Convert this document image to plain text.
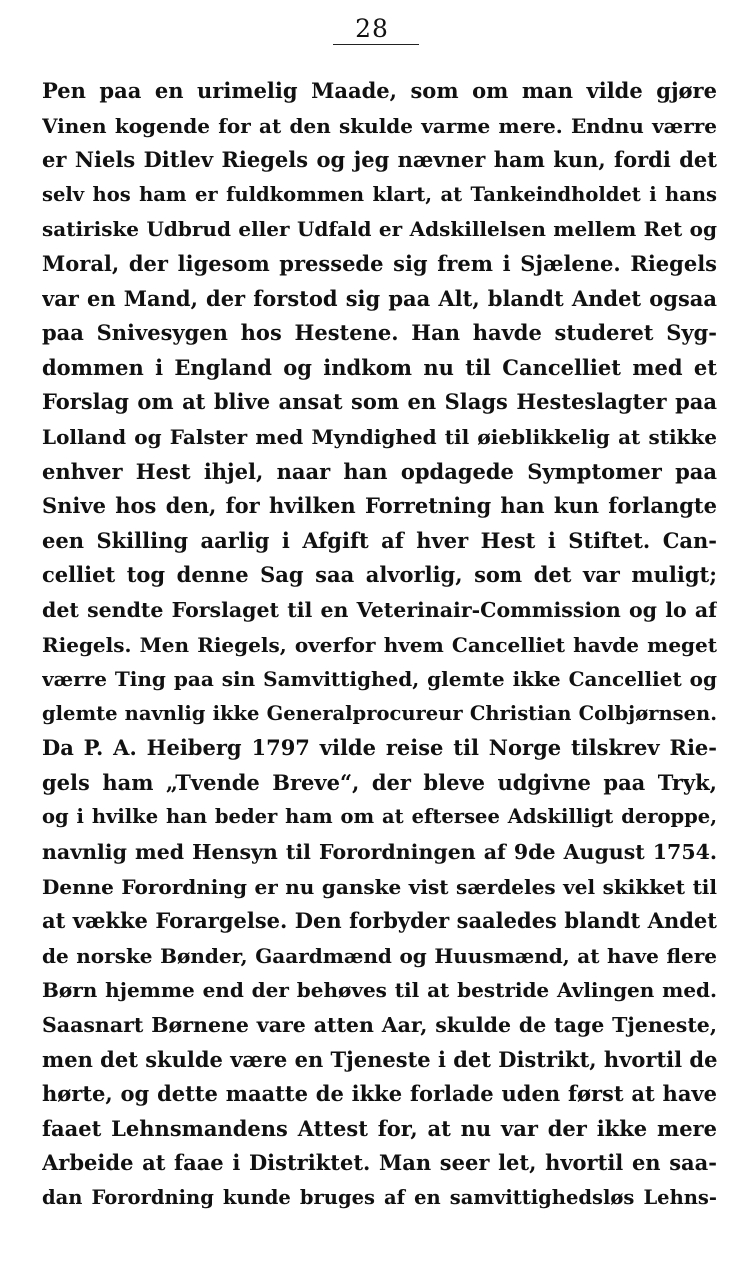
28
Pen paa en urimelig Maade, som om man vilde gjøre
Vinen kogende for at den skulde varme mere. Endnu værre
er Niels Ditlev Riegels og jeg nævner ham kun, fordi det
selv hos ham er fuldkommen klart, at Tankeindholdet i hans
satiriske Udbrud eller Udfald er Adskillelsen mellem Ret og
Moral, der ligesom pressede sig frem i Sjælene. Riegels
var en Mand, der forstod sig paa Alt, blandt Andet ogsaa
paa Snivesygen hos Hestene. Han havde studeret Syg-
dommen i England og indkom nu til Cancelliet med et
Forslag om at blive ansat som en Slags Hesteslagter paa
Lolland og Falster med Myndighed til øieblikkelig at stikke
enhver Hest ihjel, naar han opdagede Symptomer paa
Snive hos den, for hvilken Forretning han kun forlangte
een Skilling aarlig i Afgift af hver Hest i Stiftet. Can-
celliet tog denne Sag saa alvorlig, som det var muligt;
det sendte Forslaget til en Veterinair-Commission og lo af
Riegels. Men Riegels, overfor hvem Cancelliet havde meget
værre Ting paa sin Samvittighed, glemte ikke Cancelliet og
glemte navnlig ikke Generalprocureur Christian Colbjørnsen.
Da P. A. Heiberg 1797 vilde reise til Norge tilskrev Rie-
gels ham „Tvende Breve“, der bleve udgivne paa Tryk,
og i hvilke han beder ham om at eftersee Adskilligt deroppe,
navnlig med Hensyn til Forordningen af 9de August 1754.
Denne Forordning er nu ganske vist særdeles vel skikket til
at vække Forargelse. Den forbyder saaledes blandt Andet
de norske Bønder, Gaardmænd og Huusmænd, at have flere
Børn hjemme end der behøves til at bestride Avlingen med.
Saasnart Børnene vare atten Aar, skulde de tage Tjeneste,
men det skulde være en Tjeneste i det Distrikt, hvortil de
hørte, og dette maatte de ikke forlade uden først at have
faaet Lehnsmandens Attest for, at nu var der ikke mere
Arbeide at faae i Distriktet. Man seer let, hvortil en saa-
dan Forordning kunde bruges af en samvittighedsløs Lehns-
